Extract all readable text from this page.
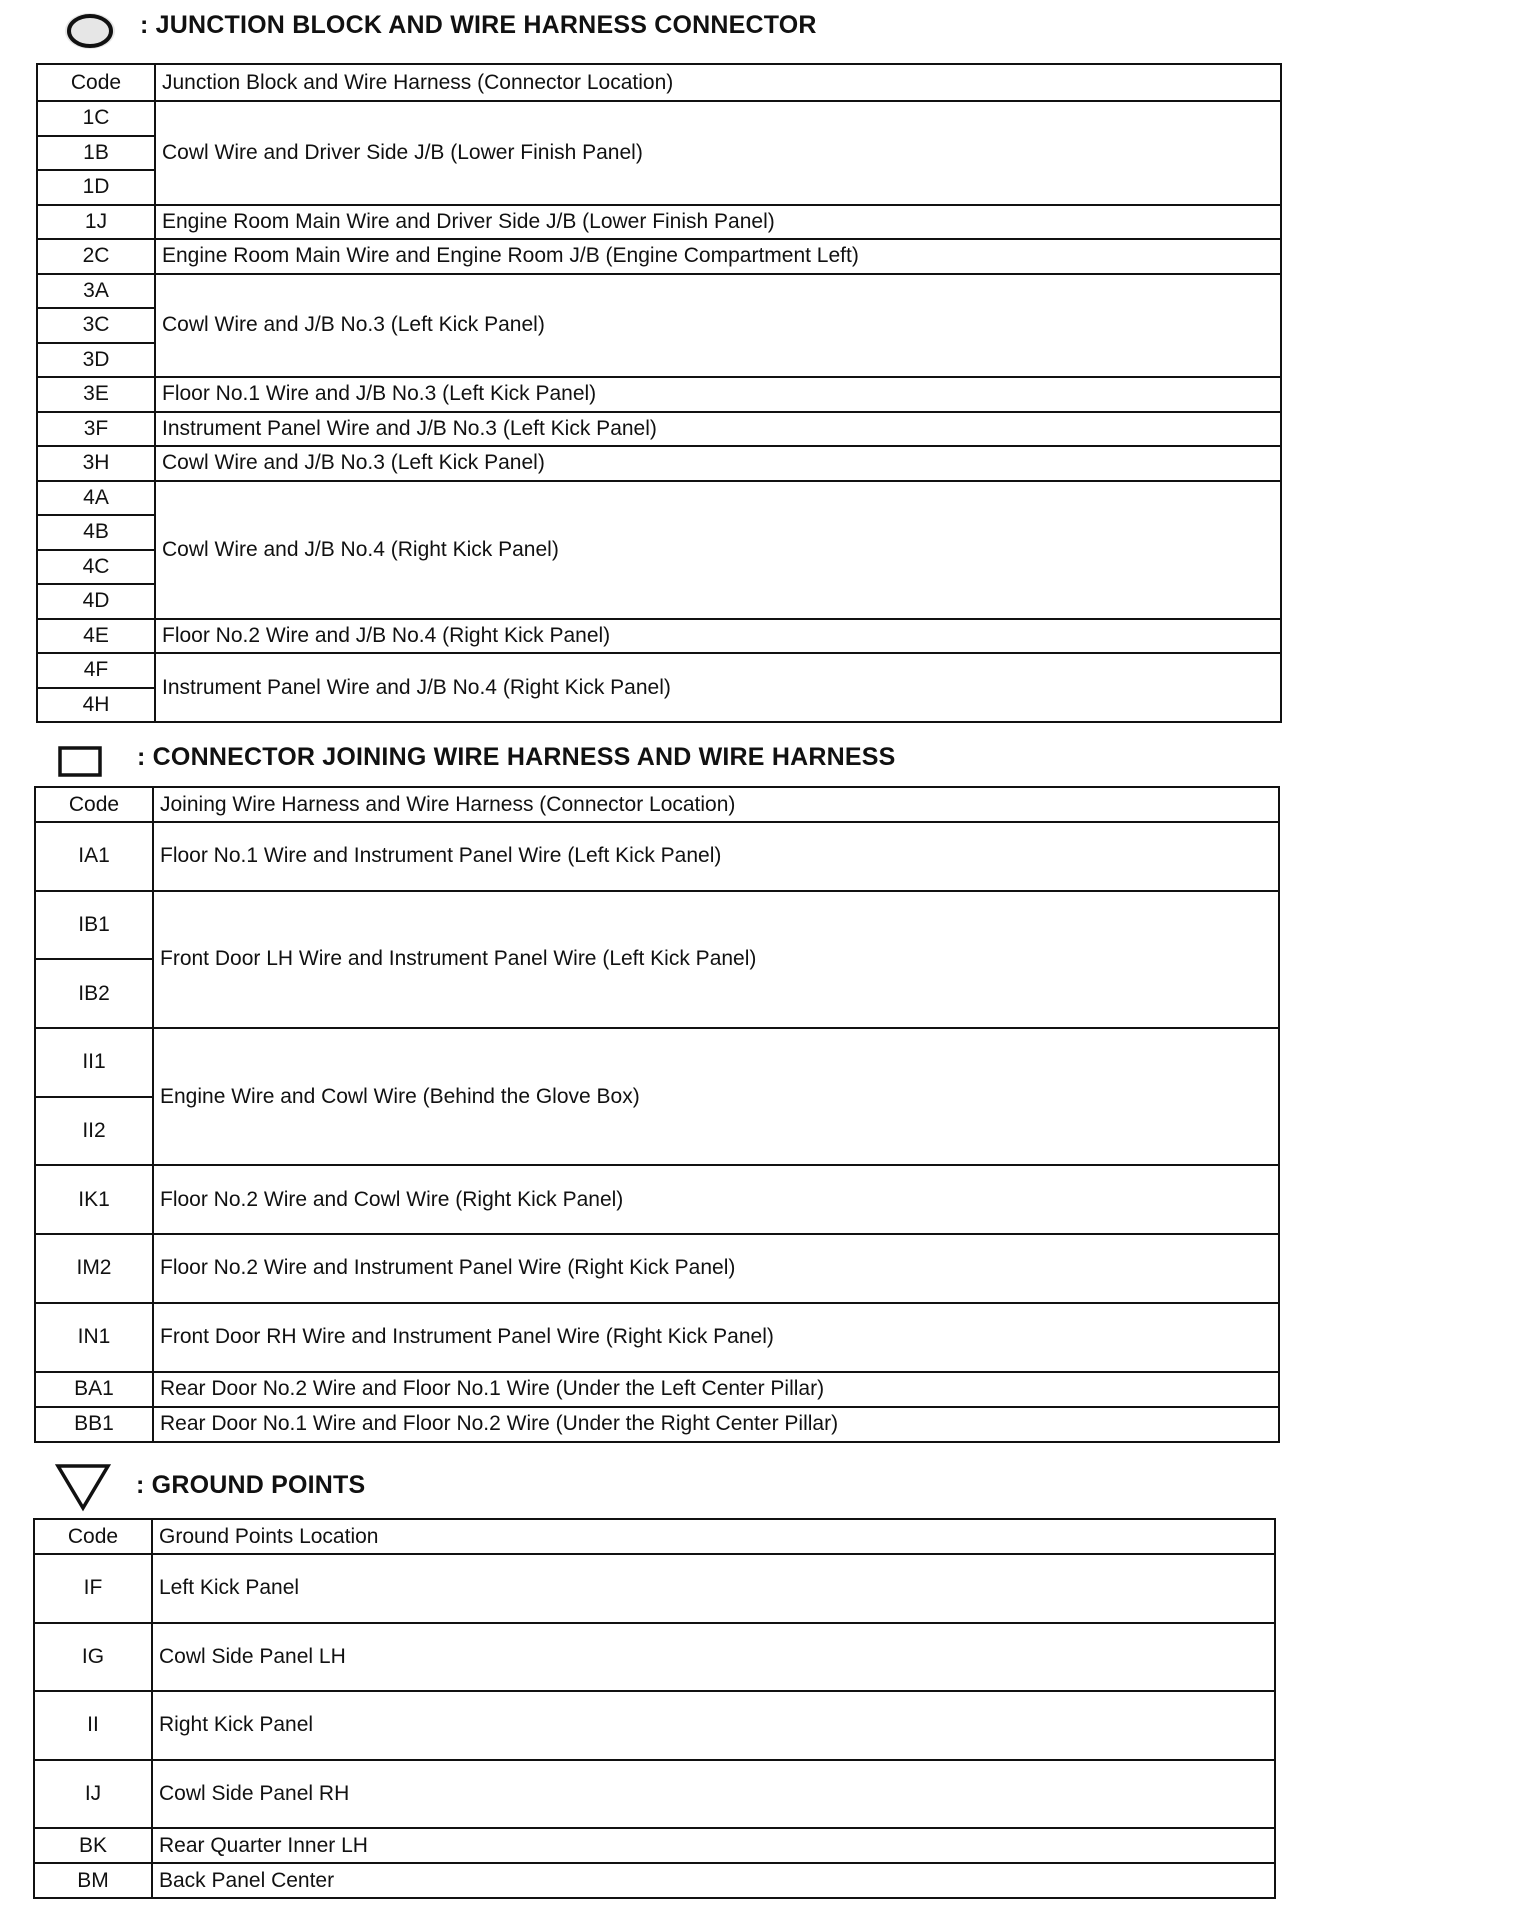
: JUNCTION BLOCK AND WIRE HARNESS CONNECTOR
Code	Junction Block and Wire Harness (Connector Location)
1C	Cowl Wire and Driver Side J/B (Lower Finish Panel)
1B	
1D	
1J	Engine Room Main Wire and Driver Side J/B (Lower Finish Panel)
2C	Engine Room Main Wire and Engine Room J/B (Engine Compartment Left)
3A	Cowl Wire and J/B No.3 (Left Kick Panel)
3C	
3D	
3E	Floor No.1 Wire and J/B No.3 (Left Kick Panel)
3F	Instrument Panel Wire and J/B No.3 (Left Kick Panel)
3H	Cowl Wire and J/B No.3 (Left Kick Panel)
4A	Cowl Wire and J/B No.4 (Right Kick Panel)
4B	
4C	
4D	
4E	Floor No.2 Wire and J/B No.4 (Right Kick Panel)
4F	Instrument Panel Wire and J/B No.4 (Right Kick Panel)
4H	
: CONNECTOR JOINING WIRE HARNESS AND WIRE HARNESS
Code	Joining Wire Harness and Wire Harness (Connector Location)
IA1	Floor No.1 Wire and Instrument Panel Wire (Left Kick Panel)
IB1	Front Door LH Wire and Instrument Panel Wire (Left Kick Panel)
IB2	
II1	Engine Wire and Cowl Wire (Behind the Glove Box)
II2	
IK1	Floor No.2 Wire and Cowl Wire (Right Kick Panel)
IM2	Floor No.2 Wire and Instrument Panel Wire (Right Kick Panel)
IN1	Front Door RH Wire and Instrument Panel Wire (Right Kick Panel)
BA1	Rear Door No.2 Wire and Floor No.1 Wire (Under the Left Center Pillar)
BB1	Rear Door No.1 Wire and Floor No.2 Wire (Under the Right Center Pillar)
: GROUND POINTS
Code	Ground Points Location
IF	Left Kick Panel
IG	Cowl Side Panel LH
II	Right Kick Panel
IJ	Cowl Side Panel RH
BK	Rear Quarter Inner LH
BM	Back Panel Center
